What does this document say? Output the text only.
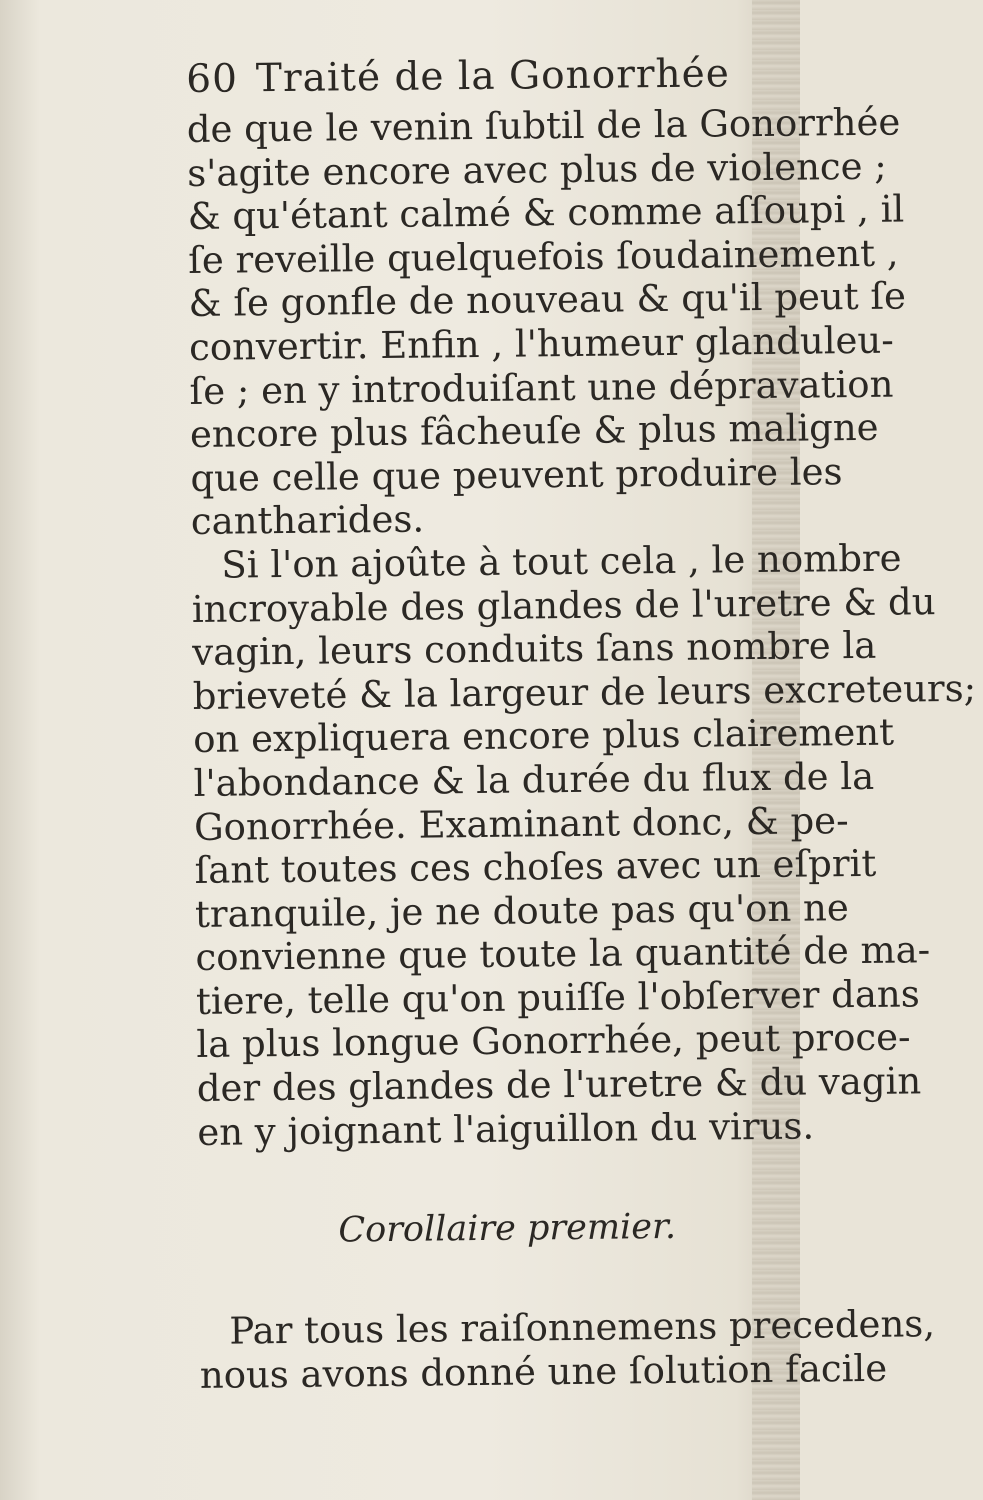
60 Traité de la Gonorrhée
de que le venin ſubtil de la Gonorrhée
s'agite encore avec plus de violence ;
& qu'étant calmé & comme aſſoupi , il
ſe reveille quelquefois ſoudainement ,
& ſe gonfle de nouveau & qu'il peut ſe
convertir. Enfin , l'humeur glanduleu-
ſe ; en y introduiſant une dépravation
encore plus fâcheuſe & plus maligne
que celle que peuvent produire les
cantharides.
Si l'on ajoûte à tout cela , le nombre
incroyable des glandes de l'uretre & du
vagin, leurs conduits ſans nombre la
brieveté & la largeur de leurs excreteurs;
on expliquera encore plus clairement
l'abondance & la durée du flux de la
Gonorrhée. Examinant donc, & pe-
ſant toutes ces choſes avec un eſprit
tranquile, je ne doute pas qu'on ne
convienne que toute la quantité de ma-
tiere, telle qu'on puiſſe l'obſerver dans
la plus longue Gonorrhée, peut proce-
der des glandes de l'uretre & du vagin
en y joignant l'aiguillon du virus.
Corollaire premier.
Par tous les raiſonnemens precedens,
nous avons donné une ſolution facile
